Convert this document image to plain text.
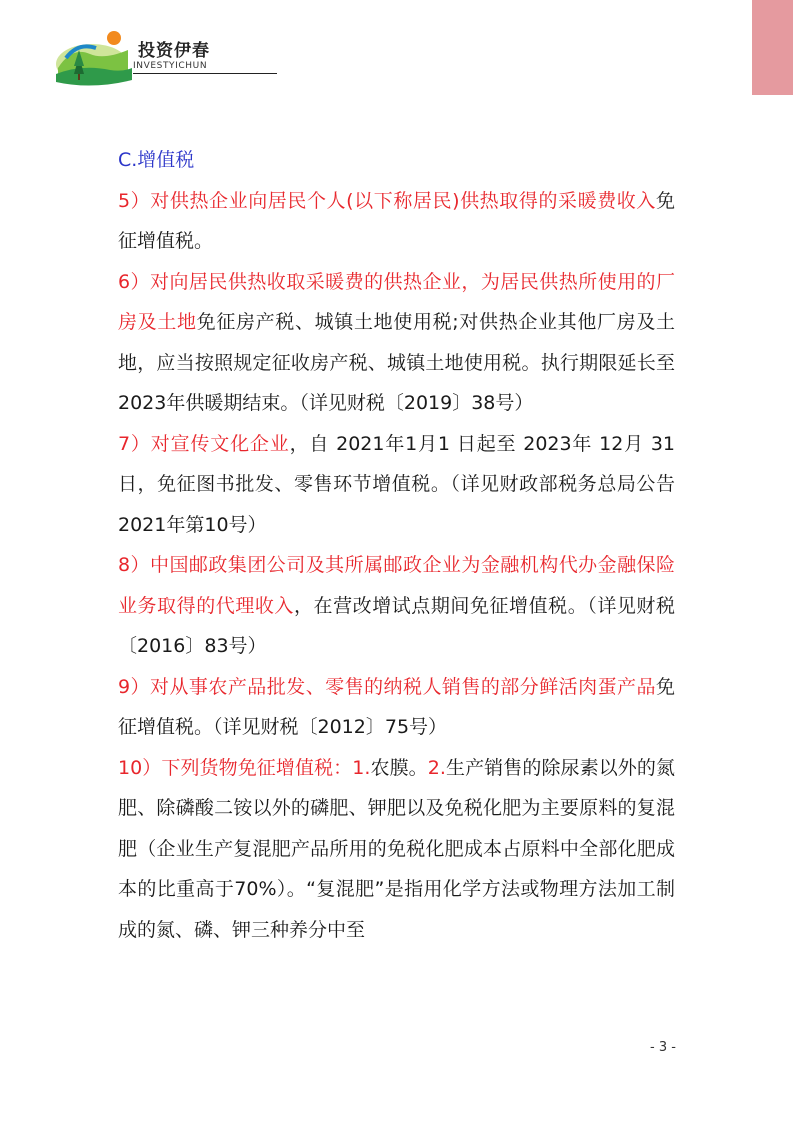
投资伊春
INVESTYICHUN

C.增值税

5）对供热企业向居民个人(以下称居民)供热取得的采暖费收入免征增值税。

6）对向居民供热收取采暖费的供热企业，为居民供热所使用的厂房及土地免征房产税、城镇土地使用税;对供热企业其他厂房及土地，应当按照规定征收房产税、城镇土地使用税。执行期限延长至2023年供暖期结束。（详见财税〔2019〕38号）

7）对宣传文化企业，自 2021年1月1 日起至 2023年 12月 31 日，免征图书批发、零售环节增值税。（详见财政部税务总局公告2021年第10号）

8）中国邮政集团公司及其所属邮政企业为金融机构代办金融保险业务取得的代理收入，在营改增试点期间免征增值税。（详见财税〔2016〕83号）

9）对从事农产品批发、零售的纳税人销售的部分鲜活肉蛋产品免征增值税。（详见财税〔2012〕75号）

10）下列货物免征增值税：1.农膜。2.生产销售的除尿素以外的氮肥、除磷酸二铵以外的磷肥、钾肥以及免税化肥为主要原料的复混肥（企业生产复混肥产品所用的免税化肥成本占原料中全部化肥成本的比重高于70%）。“复混肥”是指用化学方法或物理方法加工制成的氮、磷、钾三种养分中至

- 3 -
